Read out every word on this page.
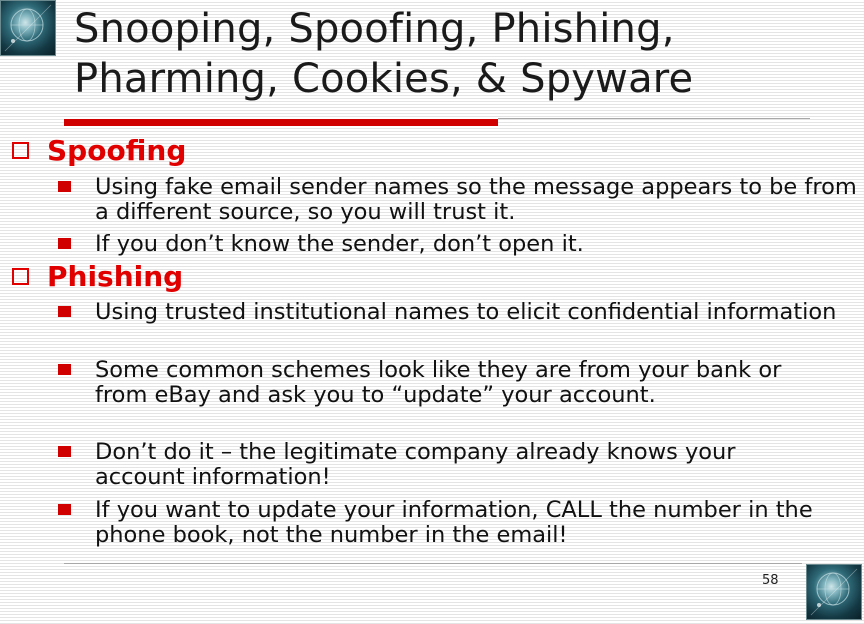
Snooping, Spoofing, Phishing,
Pharming, Cookies, & Spyware
Spoofing
Using fake email sender names so the message appears to be from a different source, so you will trust it.
If you don’t know the sender, don’t open it.
Phishing
Using trusted institutional names to elicit confidential information
Some common schemes look like they are from your bank or from eBay and ask you to “update” your account.
Don’t do it – the legitimate company already knows your account information!
If you want to update your information, CALL the number in the phone book, not the number in the email!
58
